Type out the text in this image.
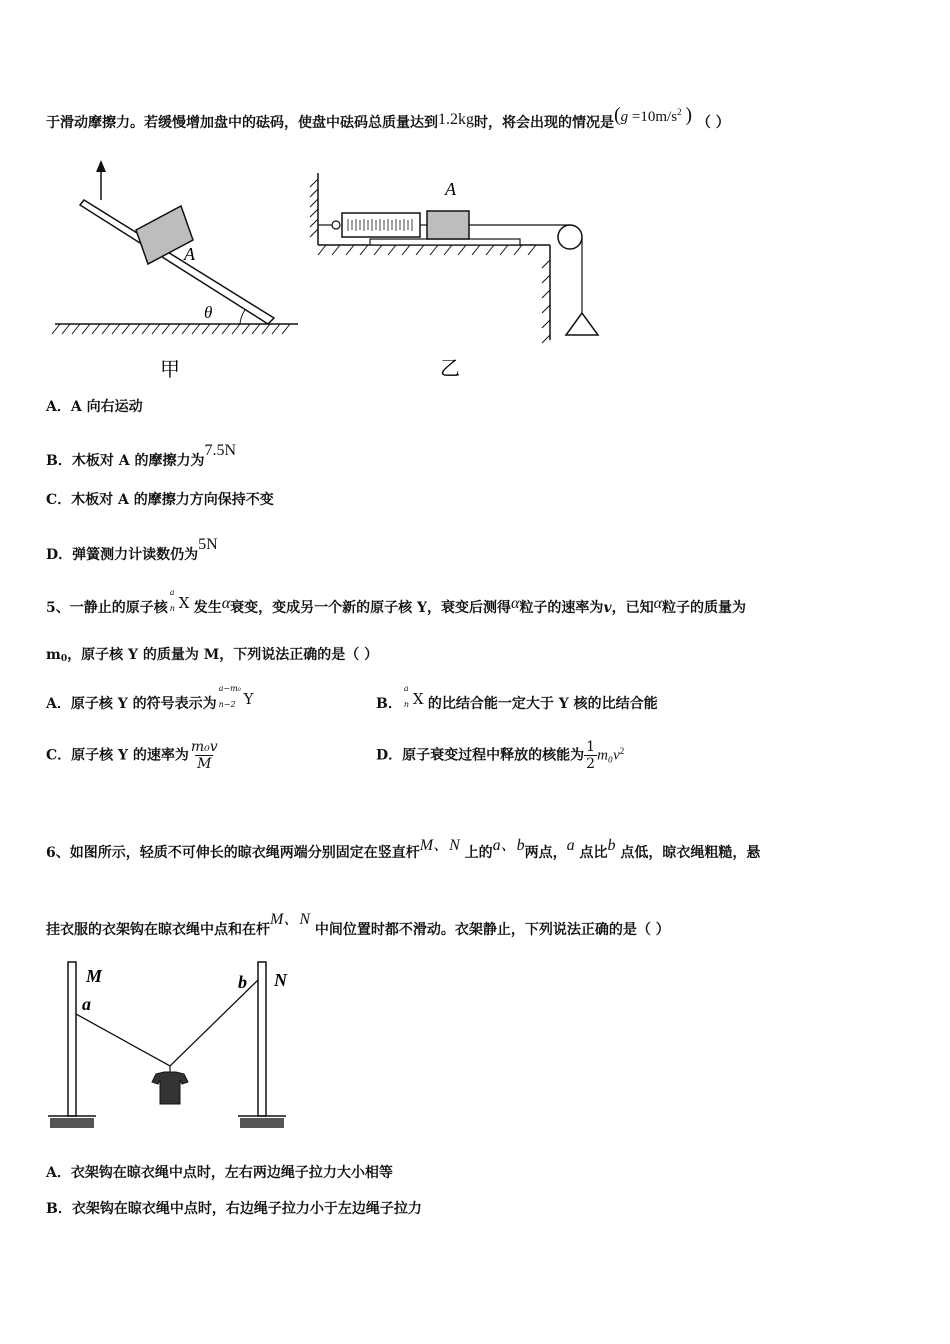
于滑动摩擦力。若缓慢增加盘中的砝码，使盘中砝码总质量达到1.2kg时，将会出现的情况是($g =10m/s^2$ ) （ ）
A
θ
甲
A
乙
A．A 向右运动
B．木板对 A 的摩擦力为7.5N
C．木板对 A 的摩擦力方向保持不变
D．弹簧测力计读数仍为5N
5、一静止的原子核
a
n X 发生α衰变，变成另一个新的原子核 Y，衰变后测得α粒子的速率为v，已知α粒子的质量为
m0，原子核 Y 的质量为 M，下列说法正确的是（ ）
A．原子核 Y 的符号表示为
a−m₀
n−2 Y	B．
a
n X 的比结合能一定大于 Y 核的比结合能
C．原子核 Y 的速率为 $\frac{\text{m₀v}}{M}$	D．原子衰变过程中释放的核能为 $\frac{1}{2} m_0v^2$
6、如图所示，轻质不可伸长的晾衣绳两端分别固定在竖直杆M、N 上的a、b两点，a 点比b 点低，晾衣绳粗糙，悬
挂衣服的衣架钩在晾衣绳中点和在杆M、N 中间位置时都不滑动。衣架静止，下列说法正确的是（ ）
M
a
b N
A．衣架钩在晾衣绳中点时，左右两边绳子拉力大小相等
B．衣架钩在晾衣绳中点时，右边绳子拉力小于左边绳子拉力
